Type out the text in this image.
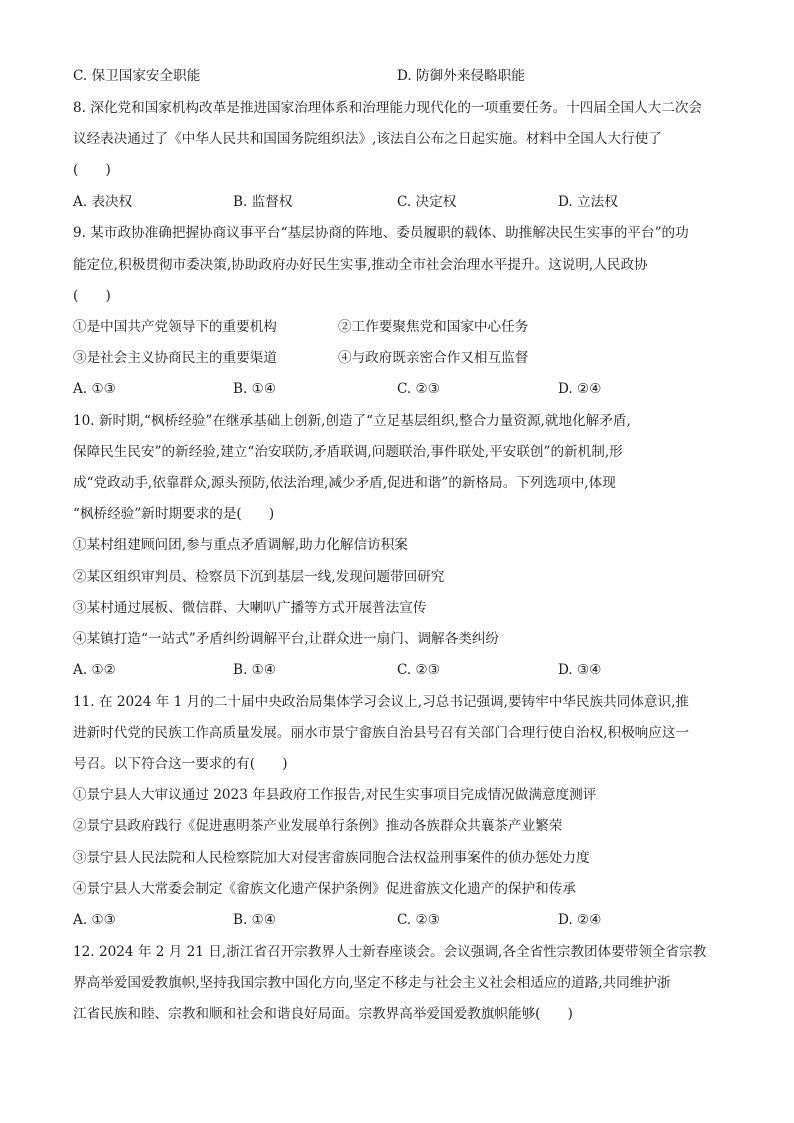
C. 保卫国家安全职能	D. 防御外来侵略职能
8. 深化党和国家机构改革是推进国家治理体系和治理能力现代化的一项重要任务。十四届全国人大二次会
议经表决通过了《中华人民共和国国务院组织法》,该法自公布之日起实施。材料中全国人大行使了
(　　)
A. 表决权	B. 监督权	C. 决定权	D. 立法权
9. 某市政协准确把握协商议事平台“基层协商的阵地、委员履职的载体、助推解决民生实事的平台”的功
能定位,积极贯彻市委决策,协助政府办好民生实事,推动全市社会治理水平提升。这说明,人民政协
(　　)
①是中国共产党领导下的重要机构	②工作要聚焦党和国家中心任务
③是社会主义协商民主的重要渠道	④与政府既亲密合作又相互监督
A. ①③	B. ①④	C. ②③	D. ②④
10. 新时期,“枫桥经验”在继承基础上创新,创造了“立足基层组织,整合力量资源,就地化解矛盾,
保障民生民安”的新经验,建立“治安联防,矛盾联调,问题联治,事件联处,平安联创”的新机制,形
成“党政动手,依靠群众,源头预防,依法治理,减少矛盾,促进和谐”的新格局。下列选项中,体现
“枫桥经验”新时期要求的是(　　)
①某村组建顾问团,参与重点矛盾调解,助力化解信访积案
②某区组织审判员、检察员下沉到基层一线,发现问题带回研究
③某村通过展板、微信群、大喇叭广播等方式开展普法宣传
④某镇打造“一站式”矛盾纠纷调解平台,让群众进一扇门、调解各类纠纷
A. ①②	B. ①④	C. ②③	D. ③④
11. 在 2024 年 1 月的二十届中央政治局集体学习会议上,习总书记强调,要铸牢中华民族共同体意识,推
进新时代党的民族工作高质量发展。丽水市景宁畲族自治县号召有关部门合理行使自治权,积极响应这一
号召。以下符合这一要求的有(　　)
①景宁县人大审议通过 2023 年县政府工作报告,对民生实事项目完成情况做满意度测评
②景宁县政府践行《促进惠明茶产业发展单行条例》推动各族群众共襄茶产业繁荣
③景宁县人民法院和人民检察院加大对侵害畲族同胞合法权益刑事案件的侦办惩处力度
④景宁县人大常委会制定《畲族文化遗产保护条例》促进畲族文化遗产的保护和传承
A. ①③	B. ①④	C. ②③	D. ②④
12. 2024 年 2 月 21 日,浙江省召开宗教界人士新春座谈会。会议强调,各全省性宗教团体要带领全省宗教
界高举爱国爱教旗帜,坚持我国宗教中国化方向,坚定不移走与社会主义社会相适应的道路,共同维护浙
江省民族和睦、宗教和顺和社会和谐良好局面。宗教界高举爱国爱教旗帜能够(　　)
